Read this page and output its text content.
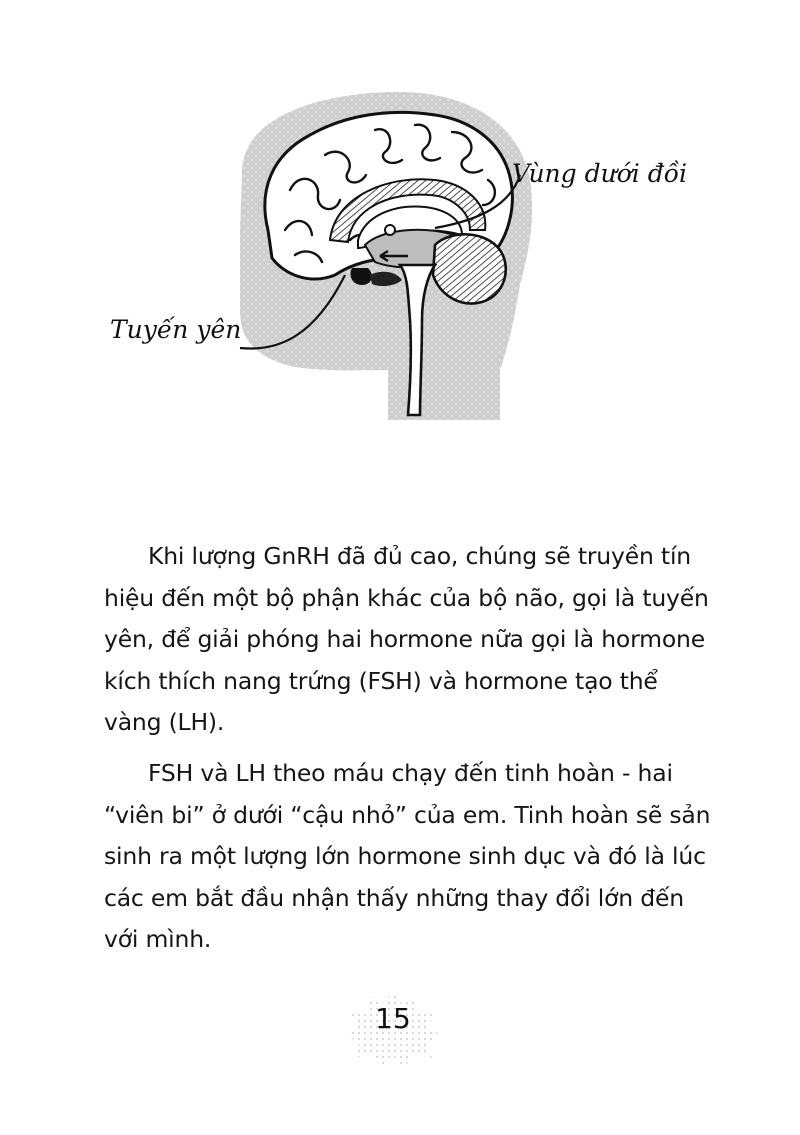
Vùng dưới đồi
Tuyến yên

Khi lượng GnRH đã đủ cao, chúng sẽ truyền tín hiệu đến một bộ phận khác của bộ não, gọi là tuyến yên, để giải phóng hai hormone nữa gọi là hormone kích thích nang trứng (FSH) và hormone tạo thể vàng (LH).

FSH và LH theo máu chạy đến tinh hoàn - hai “viên bi” ở dưới “cậu nhỏ” của em. Tinh hoàn sẽ sản sinh ra một lượng lớn hormone sinh dục và đó là lúc các em bắt đầu nhận thấy những thay đổi lớn đến với mình.

15
